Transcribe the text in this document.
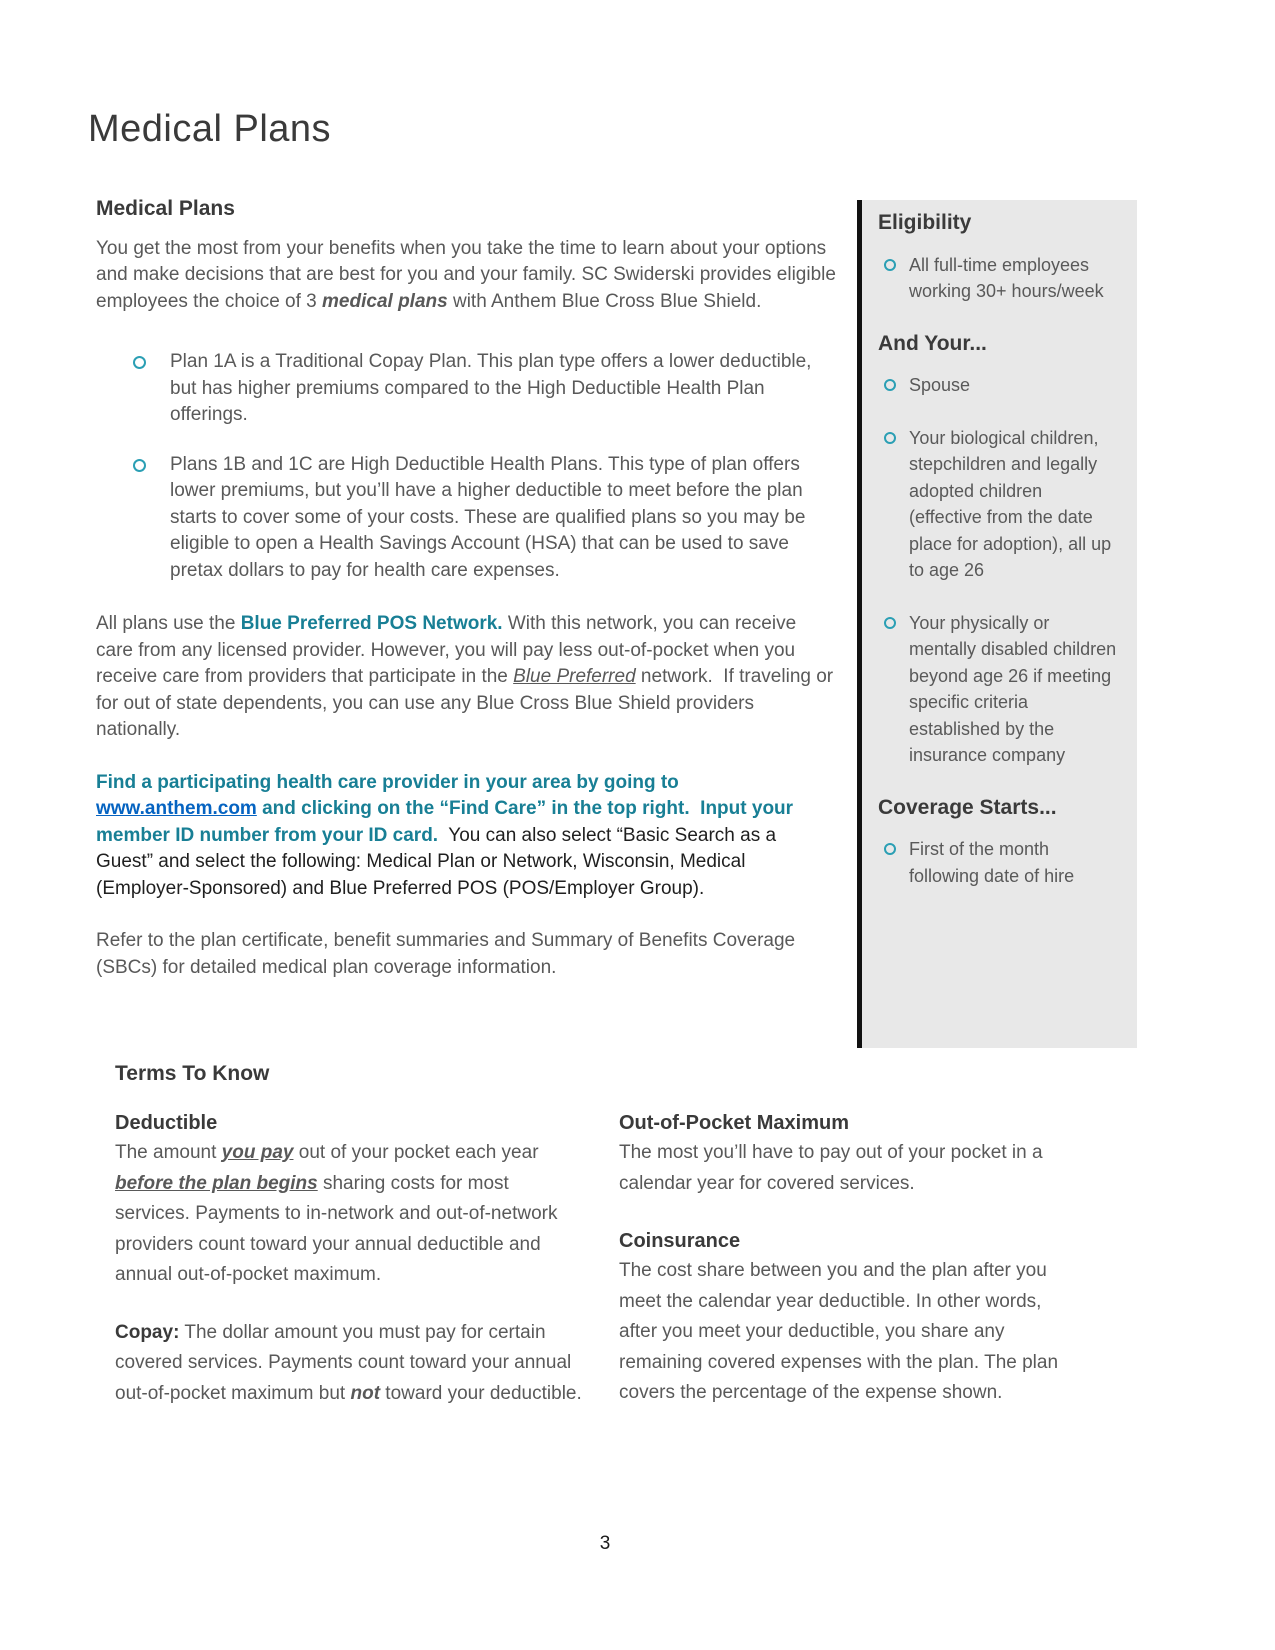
Medical Plans
Medical Plans

You get the most from your benefits when you take the time to learn about your options and make decisions that are best for you and your family. SC Swiderski provides eligible employees the choice of 3 medical plans with Anthem Blue Cross Blue Shield.

Plan 1A is a Traditional Copay Plan. This plan type offers a lower deductible, but has higher premiums compared to the High Deductible Health Plan offerings.
Plans 1B and 1C are High Deductible Health Plans. This type of plan offers lower premiums, but you’ll have a higher deductible to meet before the plan starts to cover some of your costs. These are qualified plans so you may be eligible to open a Health Savings Account (HSA) that can be used to save pretax dollars to pay for health care expenses.

All plans use the Blue Preferred POS Network. With this network, you can receive care from any licensed provider. However, you will pay less out-of-pocket when you receive care from providers that participate in the Blue Preferred network.  If traveling or for out of state dependents, you can use any Blue Cross Blue Shield providers nationally.

Find a participating health care provider in your area by going to www.anthem.com and clicking on the “Find Care” in the top right.  Input your member ID number from your ID card.  You can also select “Basic Search as a Guest” and select the following: Medical Plan or Network, Wisconsin, Medical (Employer-Sponsored) and Blue Preferred POS (POS/Employer Group).

Refer to the plan certificate, benefit summaries and Summary of Benefits Coverage (SBCs) for detailed medical plan coverage information.

Eligibility
All full-time employees working 30+ hours/week
And Your...
Spouse
Your biological children, stepchildren and legally adopted children (effective from the date place for adoption), all up to age 26
Your physically or mentally disabled children beyond age 26 if meeting specific criteria established by the insurance company
Coverage Starts...
First of the month following date of hire
Terms To Know
Deductible

The amount you pay out of your pocket each year before the plan begins sharing costs for most services. Payments to in-network and out-of-network providers count toward your annual deductible and annual out-of-pocket maximum.

Copay: The dollar amount you must pay for certain covered services. Payments count toward your annual out-of-pocket maximum but not toward your deductible.

Out-of-Pocket Maximum

The most you’ll have to pay out of your pocket in a calendar year for covered services.

Coinsurance

The cost share between you and the plan after you meet the calendar year deductible. In other words, after you meet your deductible, you share any remaining covered expenses with the plan. The plan covers the percentage of the expense shown.

3
